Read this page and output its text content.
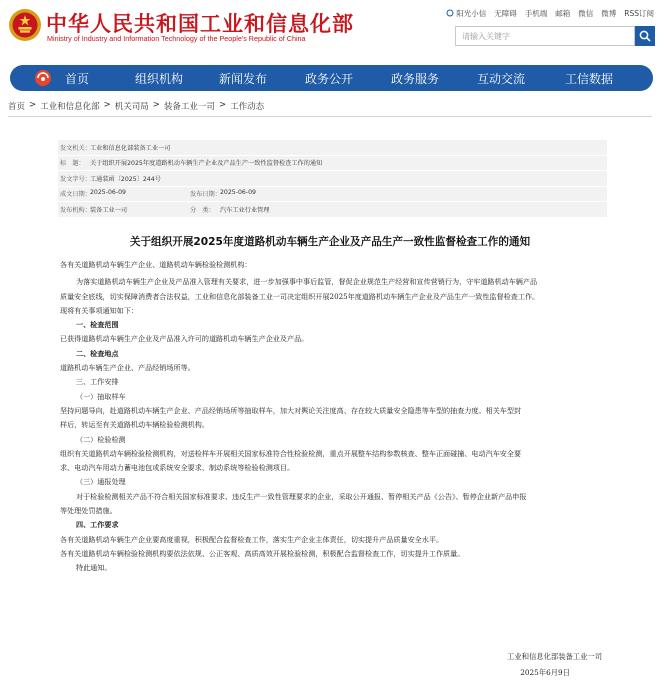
中华人民共和国工业和信息化部
Ministry of Industry and Information Technology of the People's Republic of China
阳光小信 无障碍 手机端 邮箱 微信 微博 RSS订阅
请输入关键字
首页	组织机构	新闻发布	政务公开	政务服务	互动交流	工信数据
首页 > 工业和信息化部 > 机关司局 > 装备工业一司 > 工作动态
发文机关： 工业和信息化部装备工业一司
标　题： 关于组织开展2025年度道路机动车辆生产企业及产品生产一致性监督检查工作的通知
发文字号： 工通装函〔2025〕244号
成文日期： 2025-06-09	发布日期： 2025-06-09
发布机构： 装备工业一司	分　类： 汽车工业行业管理
关于组织开展2025年度道路机动车辆生产企业及产品生产一致性监督检查工作的通知
各有关道路机动车辆生产企业、道路机动车辆检验检测机构：
为落实道路机动车辆生产企业及产品准入管理有关要求，进一步加强事中事后监管，督促企业规范生产经营和宣传营销行为，守牢道路机动车辆产品
质量安全底线，切实保障消费者合法权益，工业和信息化部装备工业一司决定组织开展2025年度道路机动车辆生产企业及产品生产一致性监督检查工作。
现将有关事项通知如下：
一、检查范围
已获得道路机动车辆生产企业及产品准入许可的道路机动车辆生产企业及产品。
二、检查地点
道路机动车辆生产企业、产品经销场所等。
三、工作安排
（一）抽取样车
坚持问题导向，赴道路机动车辆生产企业、产品经销场所等抽取样车，加大对舆论关注度高、存在较大质量安全隐患等车型的抽查力度。相关车型封
样后，转运至有关道路机动车辆检验检测机构。
（二）检验检测
组织有关道路机动车辆检验检测机构，对送检样车开展相关国家标准符合性检验检测，重点开展整车结构参数核查、整车正面碰撞、电动汽车安全要
求、电动汽车用动力蓄电池包或系统安全要求、制动系统等检验检测项目。
（三）通报处理
对于检验检测相关产品不符合相关国家标准要求、违反生产一致性管理要求的企业，采取公开通报、暂停相关产品《公告》、暂停企业新产品申报
等处理处罚措施。
四、工作要求
各有关道路机动车辆生产企业要高度重视，积极配合监督检查工作，落实生产企业主体责任，切实提升产品质量安全水平。
各有关道路机动车辆检验检测机构要依法依规、公正客观、高质高效开展检验检测，积极配合监督检查工作，切实提升工作质量。
特此通知。
工业和信息化部装备工业一司
2025年6月9日
